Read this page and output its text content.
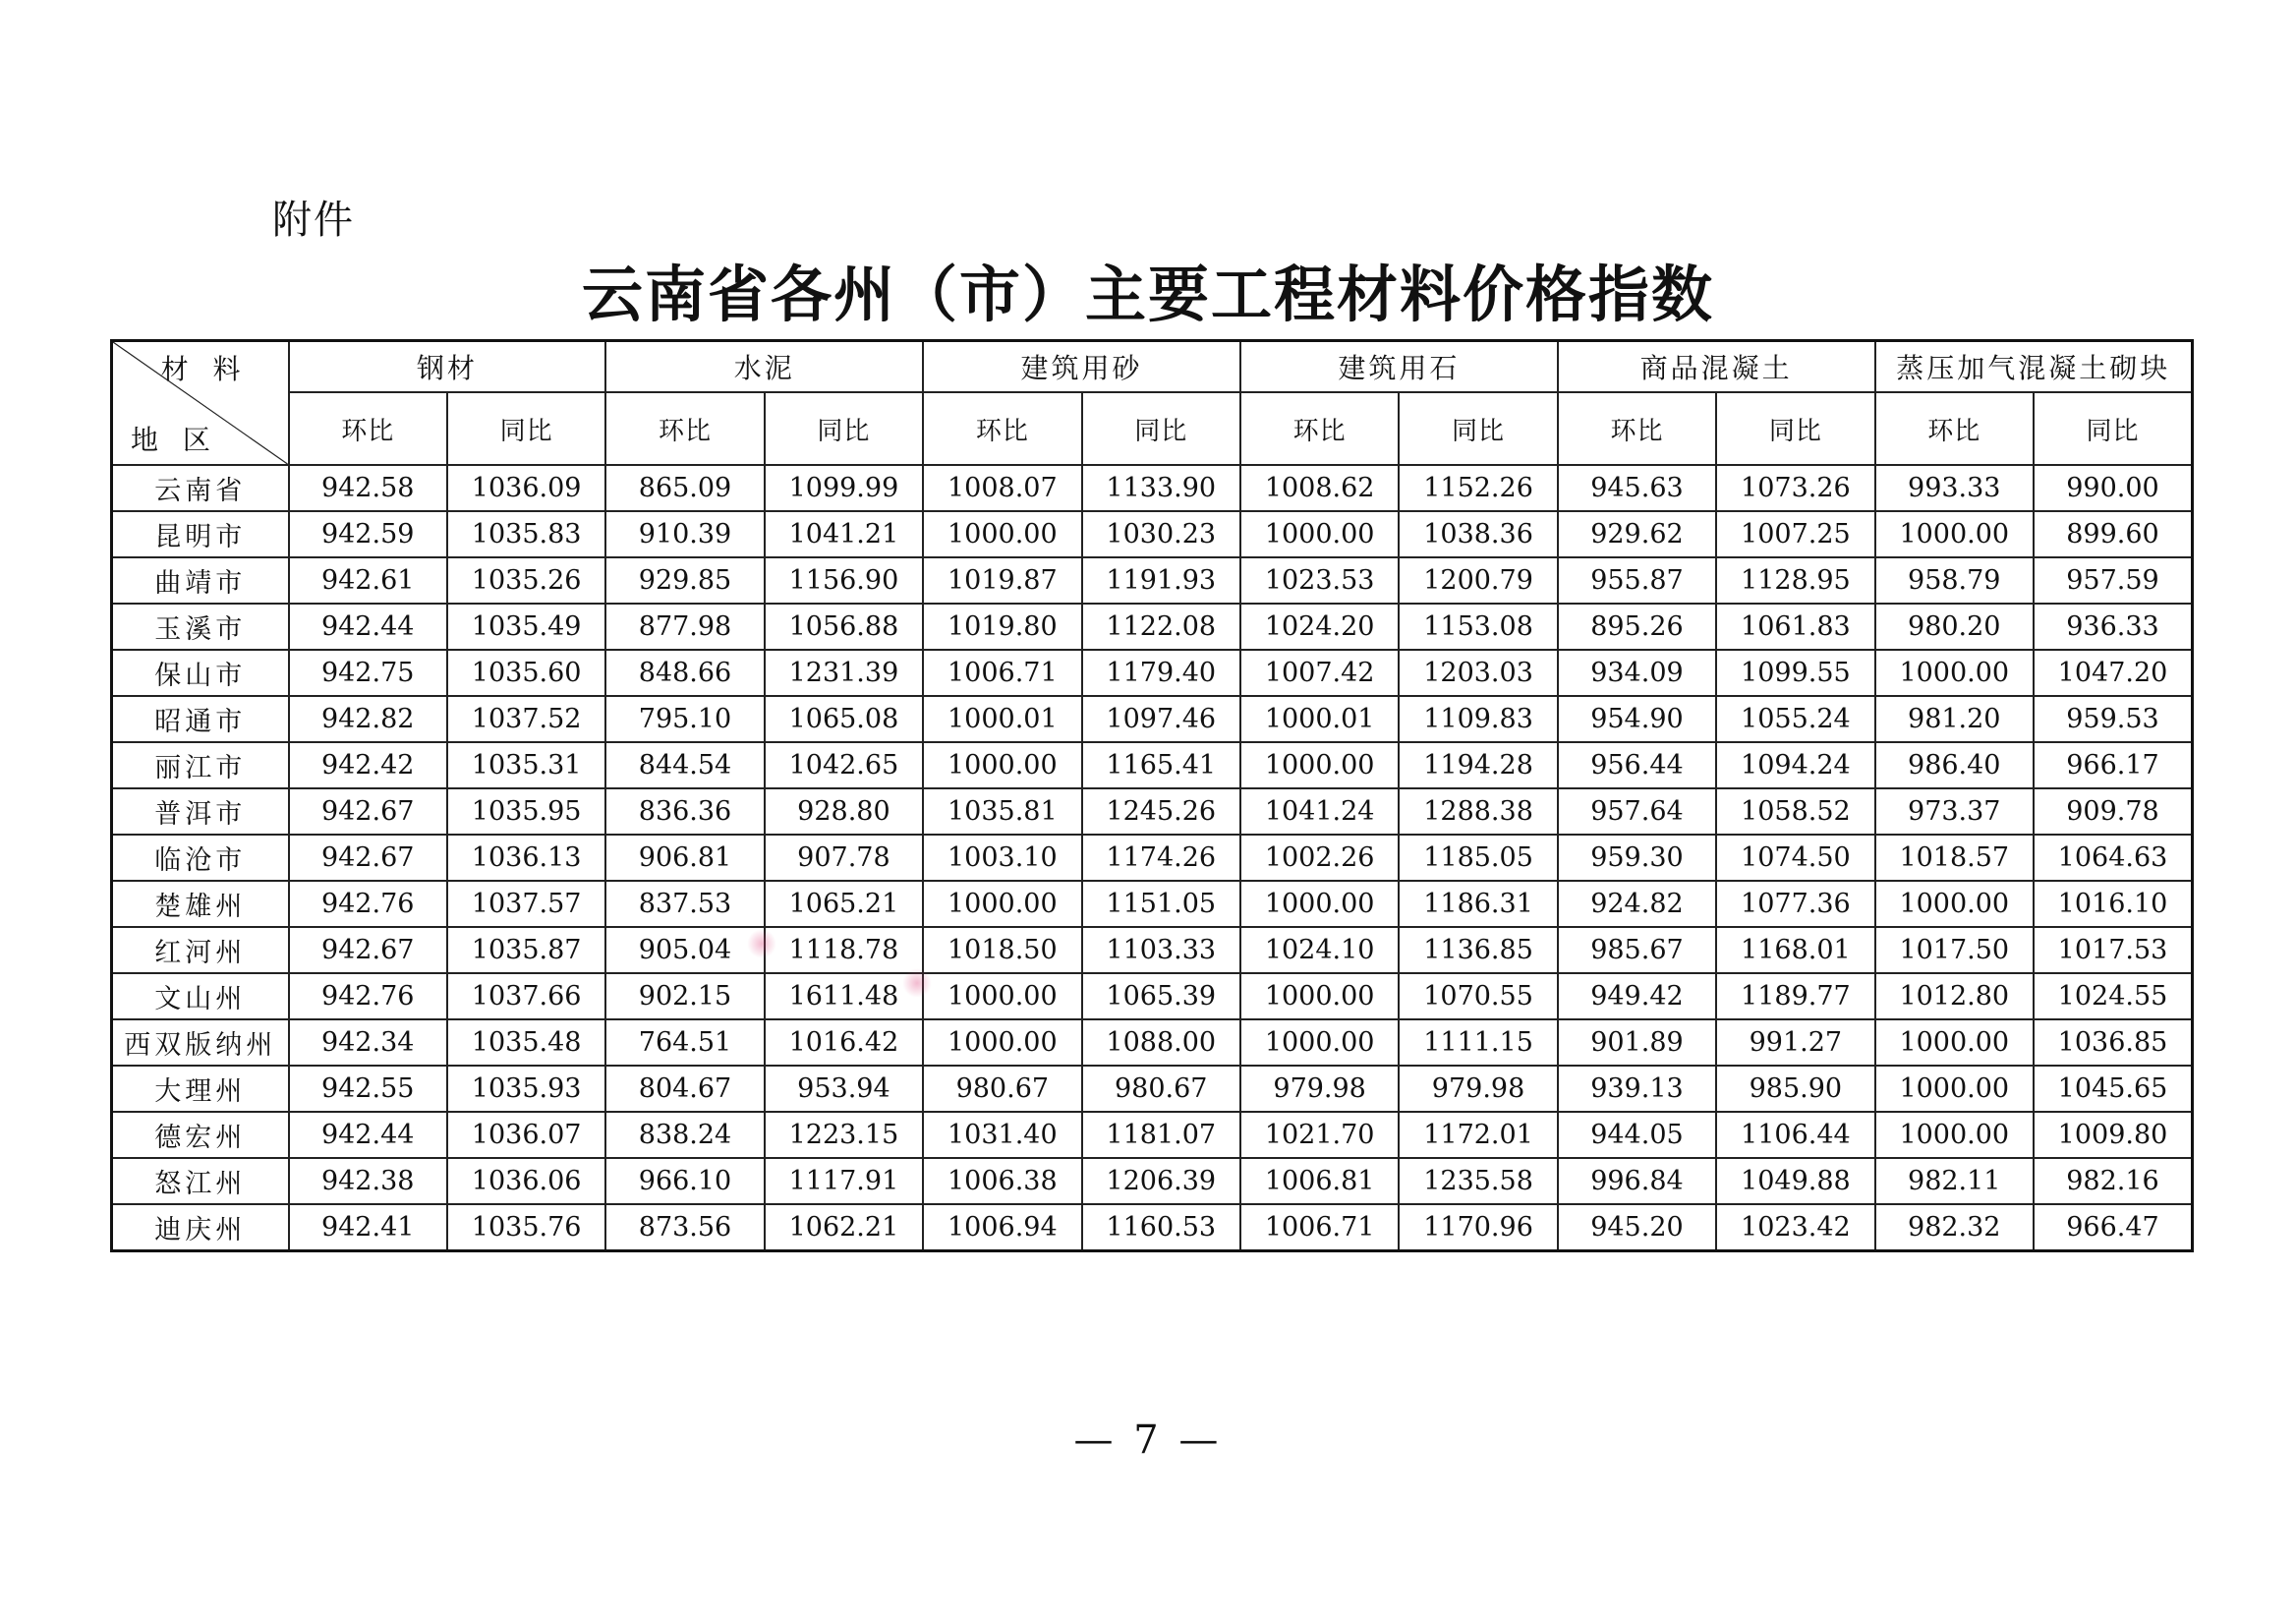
附件
云南省各州（市）主要工程材料价格指数
材 料
地 区	钢材		水泥		建筑用砂		建筑用石		商品混凝土		蒸压加气混凝土砌块	
	环比	同比	环比	同比	环比	同比	环比	同比	环比	同比	环比	同比
云南省	942.58	1036.09	865.09	1099.99	1008.07	1133.90	1008.62	1152.26	945.63	1073.26	993.33	990.00
昆明市	942.59	1035.83	910.39	1041.21	1000.00	1030.23	1000.00	1038.36	929.62	1007.25	1000.00	899.60
曲靖市	942.61	1035.26	929.85	1156.90	1019.87	1191.93	1023.53	1200.79	955.87	1128.95	958.79	957.59
玉溪市	942.44	1035.49	877.98	1056.88	1019.80	1122.08	1024.20	1153.08	895.26	1061.83	980.20	936.33
保山市	942.75	1035.60	848.66	1231.39	1006.71	1179.40	1007.42	1203.03	934.09	1099.55	1000.00	1047.20
昭通市	942.82	1037.52	795.10	1065.08	1000.01	1097.46	1000.01	1109.83	954.90	1055.24	981.20	959.53
丽江市	942.42	1035.31	844.54	1042.65	1000.00	1165.41	1000.00	1194.28	956.44	1094.24	986.40	966.17
普洱市	942.67	1035.95	836.36	928.80	1035.81	1245.26	1041.24	1288.38	957.64	1058.52	973.37	909.78
临沧市	942.67	1036.13	906.81	907.78	1003.10	1174.26	1002.26	1185.05	959.30	1074.50	1018.57	1064.63
楚雄州	942.76	1037.57	837.53	1065.21	1000.00	1151.05	1000.00	1186.31	924.82	1077.36	1000.00	1016.10
红河州	942.67	1035.87	905.04	1118.78	1018.50	1103.33	1024.10	1136.85	985.67	1168.01	1017.50	1017.53
文山州	942.76	1037.66	902.15	1611.48	1000.00	1065.39	1000.00	1070.55	949.42	1189.77	1012.80	1024.55
西双版纳州	942.34	1035.48	764.51	1016.42	1000.00	1088.00	1000.00	1111.15	901.89	991.27	1000.00	1036.85
大理州	942.55	1035.93	804.67	953.94	980.67	980.67	979.98	979.98	939.13	985.90	1000.00	1045.65
德宏州	942.44	1036.07	838.24	1223.15	1031.40	1181.07	1021.70	1172.01	944.05	1106.44	1000.00	1009.80
怒江州	942.38	1036.06	966.10	1117.91	1006.38	1206.39	1006.81	1235.58	996.84	1049.88	982.11	982.16
迪庆州	942.41	1035.76	873.56	1062.21	1006.94	1160.53	1006.71	1170.96	945.20	1023.42	982.32	966.47
— 7 —
